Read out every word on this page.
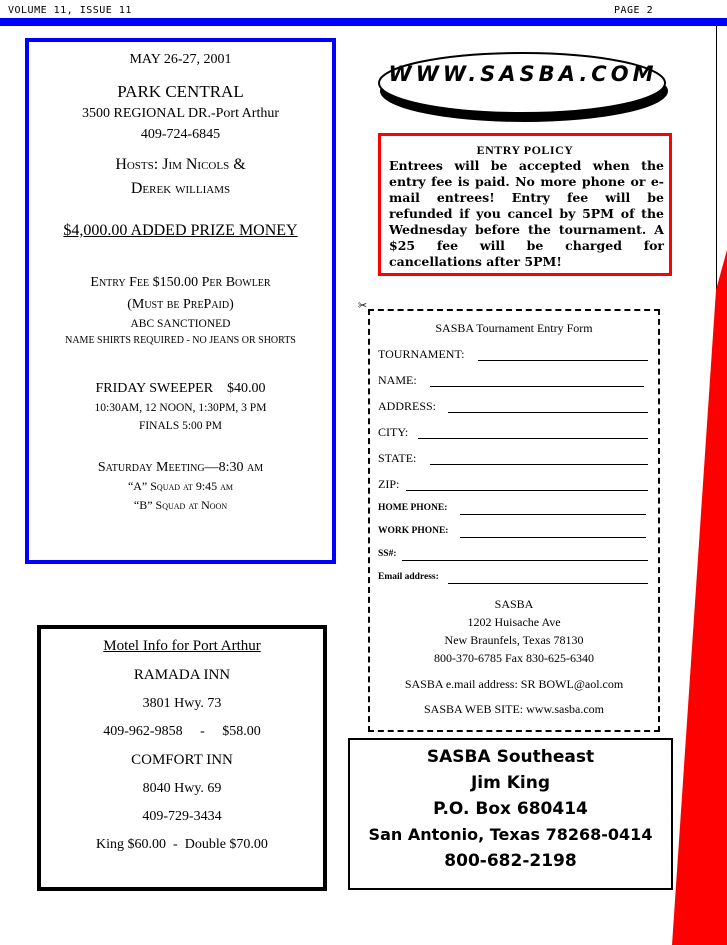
VOLUME 11, ISSUE 11	PAGE 2
MAY 26-27, 2001
PARK CENTRAL
3500 REGIONAL DR.-Port Arthur
409-724-6845
Hosts: Jim Nicols &
Derek williams
$4,000.00 ADDED PRIZE MONEY
Entry Fee $150.00 Per Bowler
(Must be PrePaid)
ABC SANCTIONED
NAME SHIRTS REQUIRED - NO JEANS OR SHORTS
FRIDAY SWEEPER    $40.00
10:30AM, 12 NOON, 1:30PM, 3 PM
FINALS 5:00 PM
Saturday Meeting—8:30 am
“A” Squad at 9:45 am
“B” Squad at Noon
WWW.SASBA.COM
ENTRY POLICY
Entrees will be accepted when the entry fee is paid. No more phone or e-mail entrees! Entry fee will be refunded if you cancel by 5PM of the Wednesday before the tournament. A $25 fee will be charged for cancellations after 5PM!
✂
SASBA Tournament Entry Form
TOURNAMENT:
NAME:
ADDRESS:
CITY:
STATE:
ZIP:
HOME PHONE:
WORK PHONE:
SS#:
Email address:
SASBA
1202 Huisache Ave
New Braunfels, Texas 78130
800-370-6785 Fax 830-625-6340
SASBA e.mail address: SR BOWL@aol.com
SASBA WEB SITE: www.sasba.com
SASBA Southeast
Jim King
P.O. Box 680414
San Antonio, Texas 78268-0414
800-682-2198
Motel Info for Port Arthur
RAMADA INN
3801 Hwy. 73
409-962-9858     -     $58.00
COMFORT INN
8040 Hwy. 69
409-729-3434
King $60.00  -  Double $70.00
